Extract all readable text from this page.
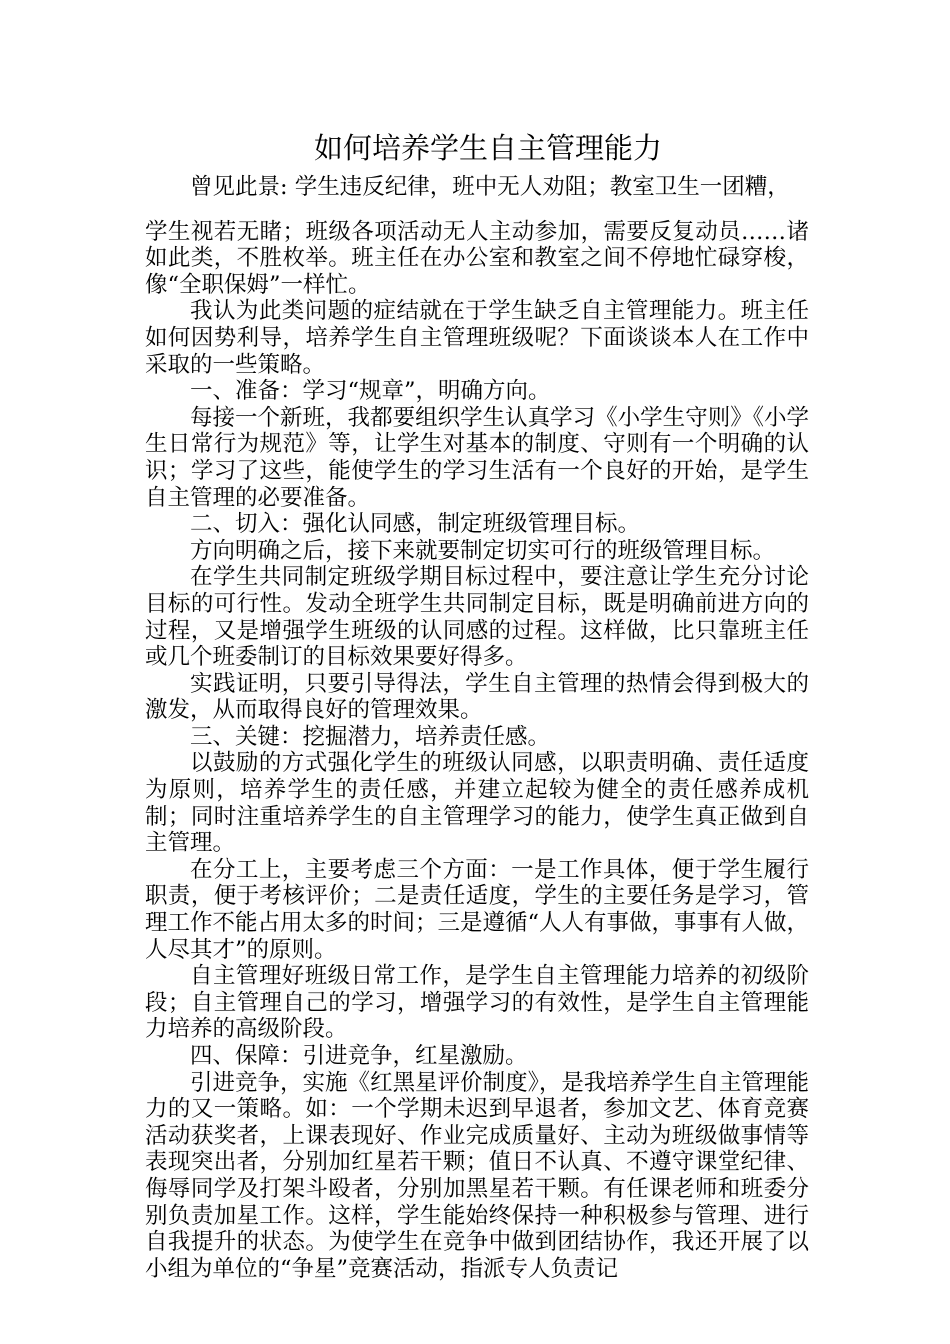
如何培养学生自主管理能力

曾见此景: 学生违反纪律，班中无人劝阻；教室卫生一团糟，

学生视若无睹；班级各项活动无人主动参加，需要反复动员……诸如此类，不胜枚举。班主任在办公室和教室之间不停地忙碌穿梭，像“全职保姆”一样忙。

我认为此类问题的症结就在于学生缺乏自主管理能力。班主任如何因势利导，培养学生自主管理班级呢？下面谈谈本人在工作中采取的一些策略。

一、准备：学习“规章”，明确方向。

每接一个新班，我都要组织学生认真学习《小学生守则》《小学生日常行为规范》等，让学生对基本的制度、守则有一个明确的认识；学习了这些，能使学生的学习生活有一个良好的开始，是学生自主管理的必要准备。

二、切入：强化认同感，制定班级管理目标。

方向明确之后，接下来就要制定切实可行的班级管理目标。

在学生共同制定班级学期目标过程中，要注意让学生充分讨论目标的可行性。发动全班学生共同制定目标，既是明确前进方向的过程，又是增强学生班级的认同感的过程。这样做，比只靠班主任或几个班委制订的目标效果要好得多。

实践证明，只要引导得法，学生自主管理的热情会得到极大的激发，从而取得良好的管理效果。

三、关键：挖掘潜力，培养责任感。

以鼓励的方式强化学生的班级认同感，以职责明确、责任适度为原则，培养学生的责任感，并建立起较为健全的责任感养成机制；同时注重培养学生的自主管理学习的能力，使学生真正做到自主管理。

在分工上，主要考虑三个方面：一是工作具体，便于学生履行职责，便于考核评价；二是责任适度，学生的主要任务是学习，管理工作不能占用太多的时间；三是遵循“人人有事做，事事有人做，人尽其才”的原则。

自主管理好班级日常工作，是学生自主管理能力培养的初级阶段；自主管理自己的学习，增强学习的有效性，是学生自主管理能力培养的高级阶段。

四、保障：引进竞争，红星激励。

引进竞争，实施《红黑星评价制度》，是我培养学生自主管理能力的又一策略。如：一个学期未迟到早退者，参加文艺、体育竞赛活动获奖者，上课表现好、作业完成质量好、主动为班级做事情等表现突出者，分别加红星若干颗；值日不认真、不遵守课堂纪律、侮辱同学及打架斗殴者，分别加黑星若干颗。有任课老师和班委分别负责加星工作。这样，学生能始终保持一种积极参与管理、进行自我提升的状态。为使学生在竞争中做到团结协作，我还开展了以小组为单位的“争星”竞赛活动，指派专人负责记
